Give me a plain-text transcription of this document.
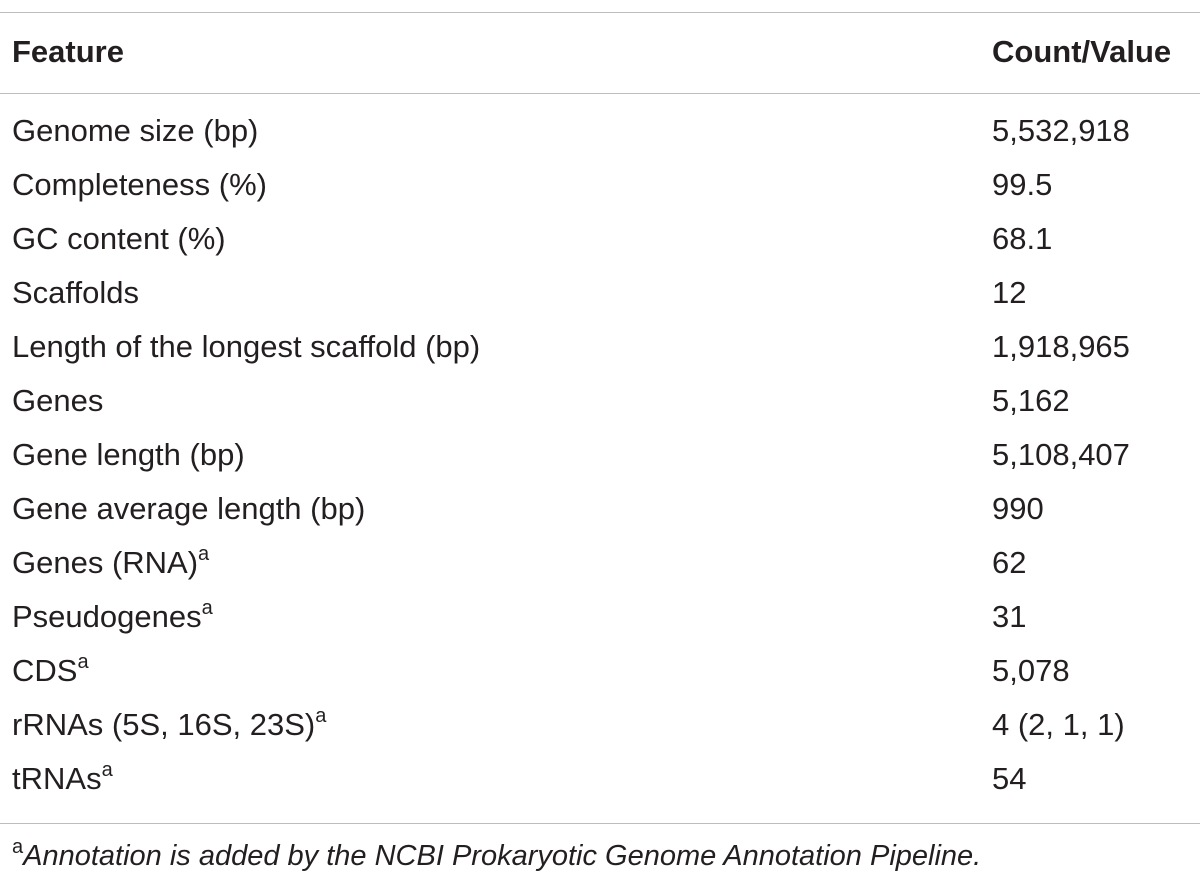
Feature	Count/Value
Genome size (bp)	5,532,918
Completeness (%)	99.5
GC content (%)	68.1
Scaffolds	12
Length of the longest scaffold (bp)	1,918,965
Genes	5,162
Gene length (bp)	5,108,407
Gene average length (bp)	990
Genes (RNA)$^a$	62
Pseudogenes$^a$	31
CDS$^a$	5,078
rRNAs (5S, 16S, 23S)$^a$	4 (2, 1, 1)
tRNAs$^a$	54
$^a$Annotation is added by the NCBI Prokaryotic Genome Annotation Pipeline.
